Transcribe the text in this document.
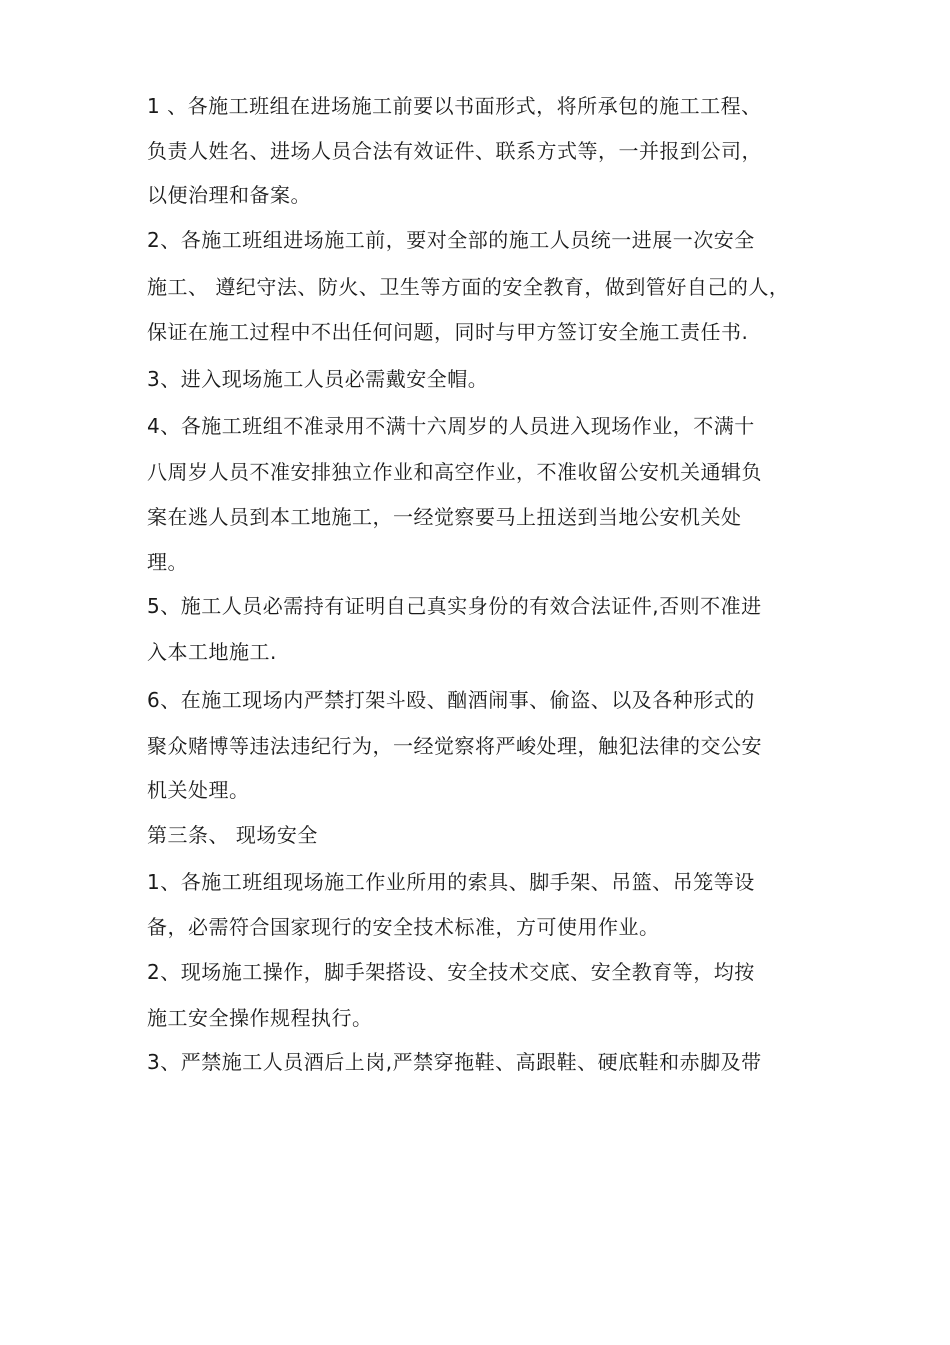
1 、各施工班组在进场施工前要以书面形式，将所承包的施工工程、
负责人姓名、进场人员合法有效证件、联系方式等，一并报到公司，
以便治理和备案。
2、各施工班组进场施工前，要对全部的施工人员统一进展一次安全
施工、 遵纪守法、防火、卫生等方面的安全教育，做到管好自己的人，
保证在施工过程中不出任何问题，同时与甲方签订安全施工责任书.
3、进入现场施工人员必需戴安全帽。
4、各施工班组不准录用不满十六周岁的人员进入现场作业，不满十
八周岁人员不准安排独立作业和高空作业，不准收留公安机关通辑负
案在逃人员到本工地施工，一经觉察要马上扭送到当地公安机关处
理。
5、施工人员必需持有证明自己真实身份的有效合法证件,否则不准进
入本工地施工.
6、在施工现场内严禁打架斗殴、酗酒闹事、偷盗、以及各种形式的
聚众赌博等违法违纪行为，一经觉察将严峻处理，触犯法律的交公安
机关处理。
第三条、 现场安全
1、各施工班组现场施工作业所用的索具、脚手架、吊篮、吊笼等设
备，必需符合国家现行的安全技术标准，方可使用作业。
2、现场施工操作，脚手架搭设、安全技术交底、安全教育等，均按
施工安全操作规程执行。
3、严禁施工人员酒后上岗,严禁穿拖鞋、高跟鞋、硬底鞋和赤脚及带
